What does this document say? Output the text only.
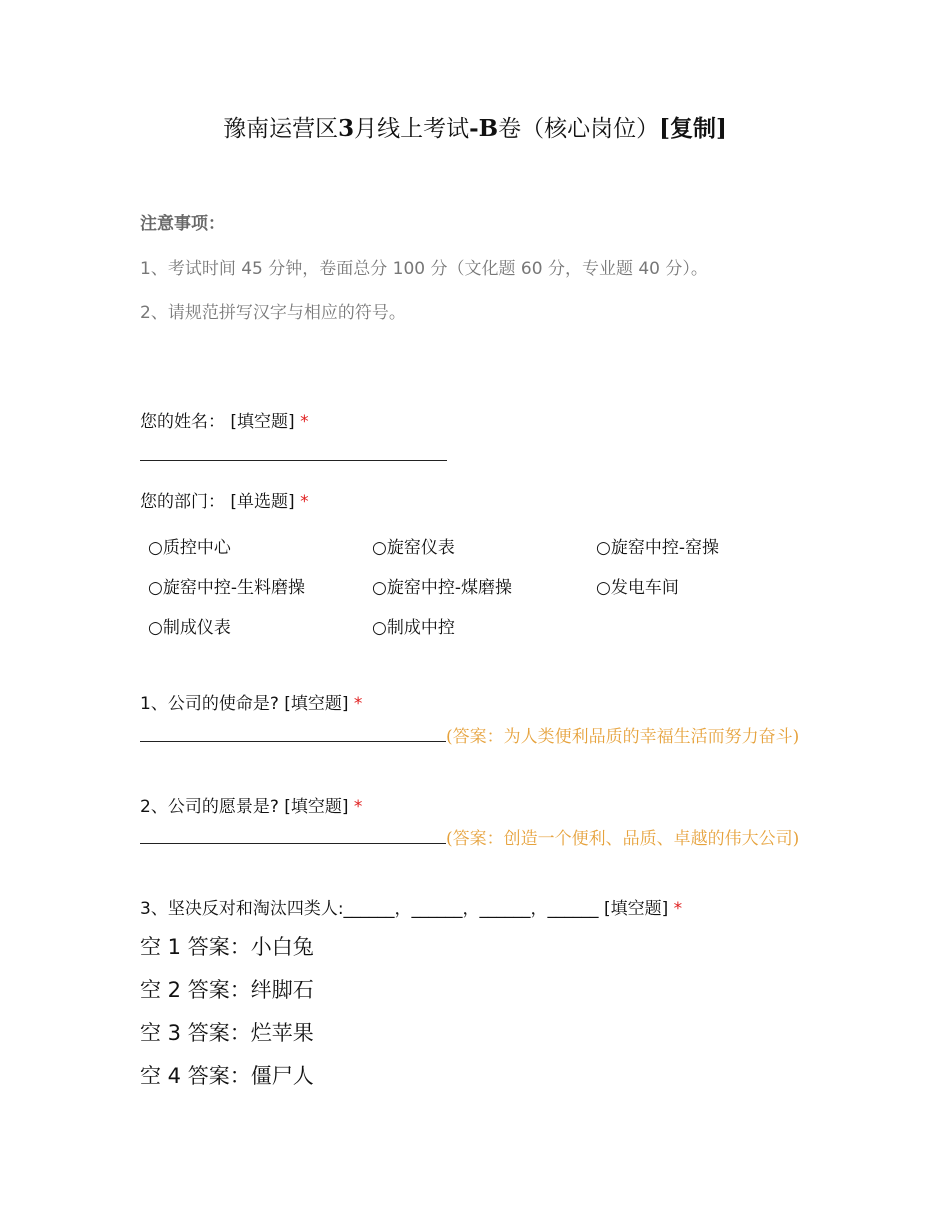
豫南运营区3月线上考试-B卷（核心岗位）[复制]
注意事项：
1、考试时间 45 分钟，卷面总分 100 分（文化题 60 分，专业题 40 分）。
2、请规范拼写汉字与相应的符号。
您的姓名： [填空题] *
您的部门： [单选题] *
○质控中心	○旋窑仪表	○旋窑中控-窑操
○旋窑中控-生料磨操	○旋窑中控-煤磨操	○发电车间
○制成仪表	○制成中控
1、公司的使命是? [填空题] *
(答案：为人类便利品质的幸福生活而努力奋斗)
2、公司的愿景是? [填空题] *
(答案：创造一个便利、品质、卓越的伟大公司)
3、坚决反对和淘汰四类人:______，______，______，______ [填空题] *
空 1 答案：小白兔
空 2 答案：绊脚石
空 3 答案：烂苹果
空 4 答案：僵尸人
